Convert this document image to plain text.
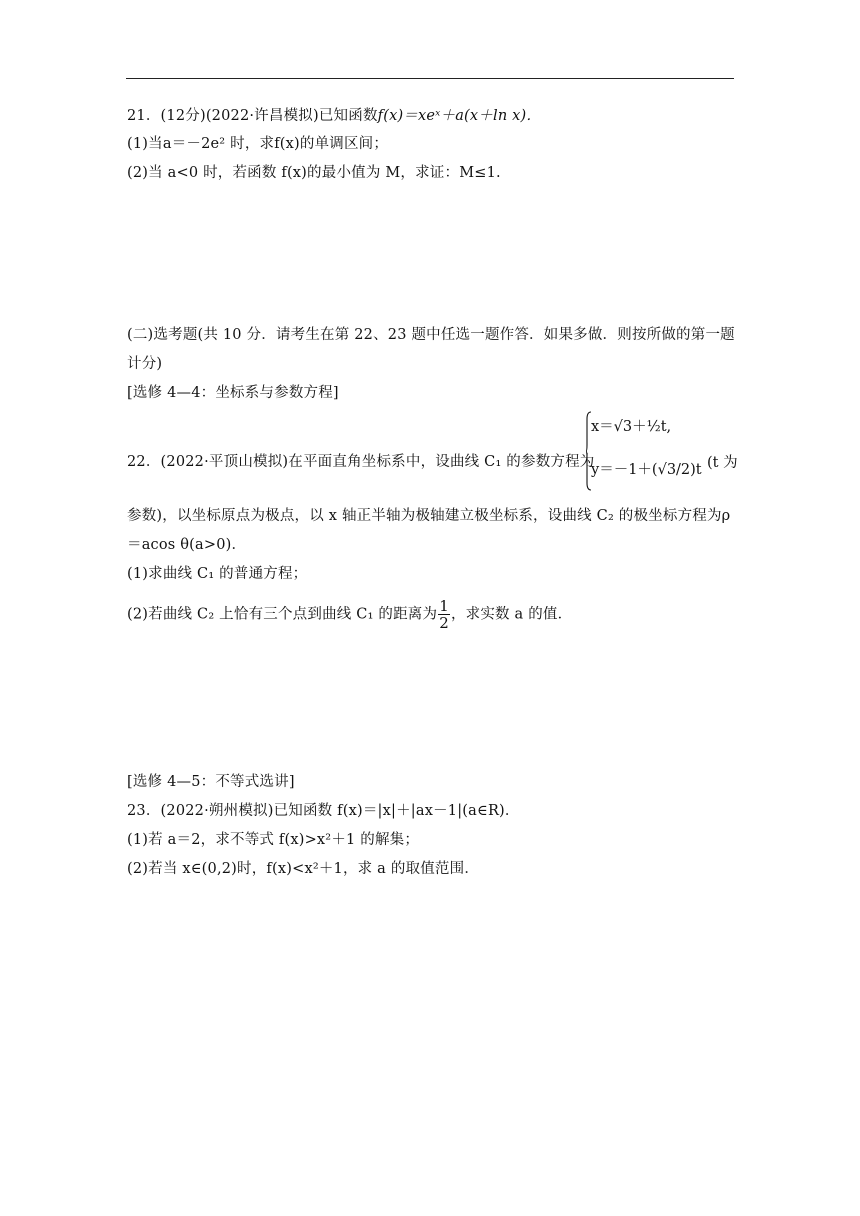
21．(12分)(2022·许昌模拟)已知函数f(x)＝xeˣ＋a(x＋ln x)．
(1)当a＝－2e² 时，求f(x)的单调区间；
(2)当 a<0 时，若函数 f(x)的最小值为 M，求证：M≤1.
(二)选考题(共 10 分．请考生在第 22、23 题中任选一题作答．如果多做．则按所做的第一题
计分)
[选修 4—4：坐标系与参数方程]
22．(2022·平顶山模拟)在平面直角坐标系中，设曲线 C₁ 的参数方程为
x＝√3＋½t,
y＝－1＋(√3/2)t (t 为
参数)，以坐标原点为极点，以 x 轴正半轴为极轴建立极坐标系，设曲线 C₂ 的极坐标方程为ρ
＝acos θ(a>0)．
(1)求曲线 C₁ 的普通方程；
(2)若曲线 C₂ 上恰有三个点到曲线 C₁ 的距离为 $\frac{1}{2}$ ，求实数 a 的值．
[选修 4—5：不等式选讲]
23．(2022·朔州模拟)已知函数 f(x)＝|x|＋|ax－1|(a∈R)．
(1)若 a＝2，求不等式 f(x)>x²＋1 的解集；
(2)若当 x∈(0,2)时，f(x)<x²＋1，求 a 的取值范围．
